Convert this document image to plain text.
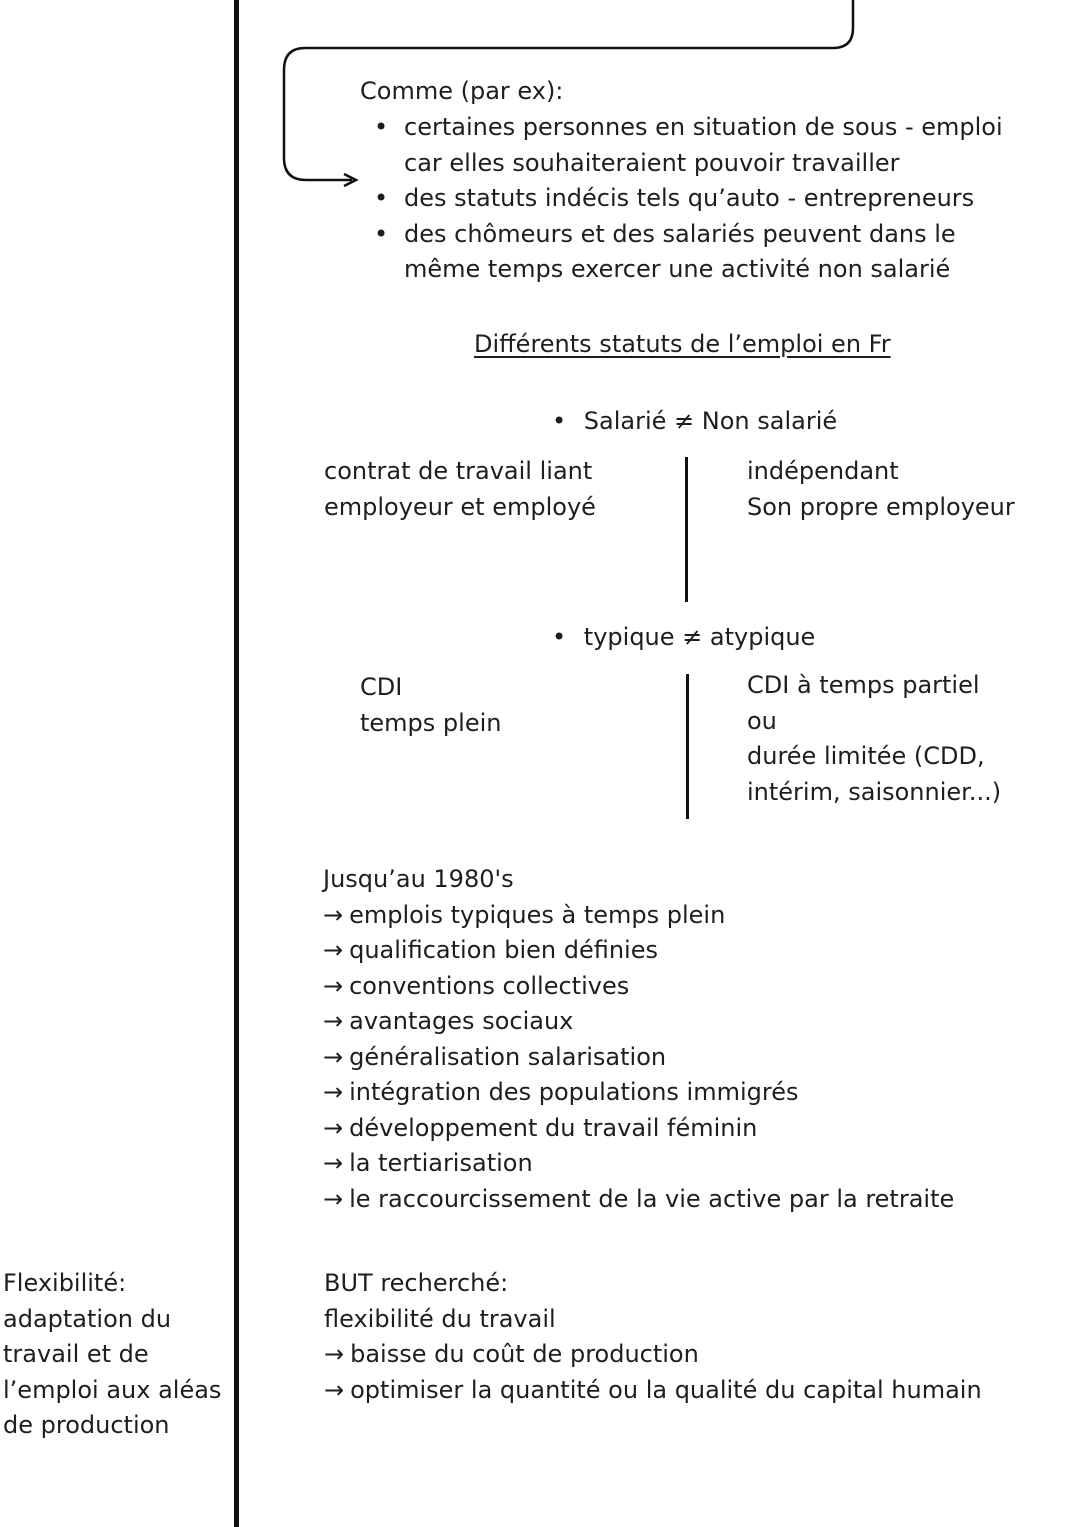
Comme (par ex):
• certaines personnes en situation de sous - emploi
car elles souhaiteraient pouvoir travailler
• des statuts indécis tels qu’auto - entrepreneurs
• des chômeurs et des salariés peuvent dans le
même temps exercer une activité non salarié
Différents statuts de l’emploi en Fr
• Salarié ≠ Non salarié
contrat de travail liant
employeur et employé
indépendant
Son propre employeur
• typique ≠ atypique
CDI
temps plein
CDI à temps partiel
ou
durée limitée (CDD,
intérim, saisonnier...)
Jusqu’au 1980's
→ emplois typiques à temps plein
→ qualification bien définies
→ conventions collectives
→ avantages sociaux
→ généralisation salarisation
→ intégration des populations immigrés
→ développement du travail féminin
→ la tertiarisation
→ le raccourcissement de la vie active par la retraite
BUT recherché:
flexibilité du travail
→ baisse du coût de production
→ optimiser la quantité ou la qualité du capital humain
Flexibilité:
adaptation du
travail et de
l’emploi aux aléas
de production
